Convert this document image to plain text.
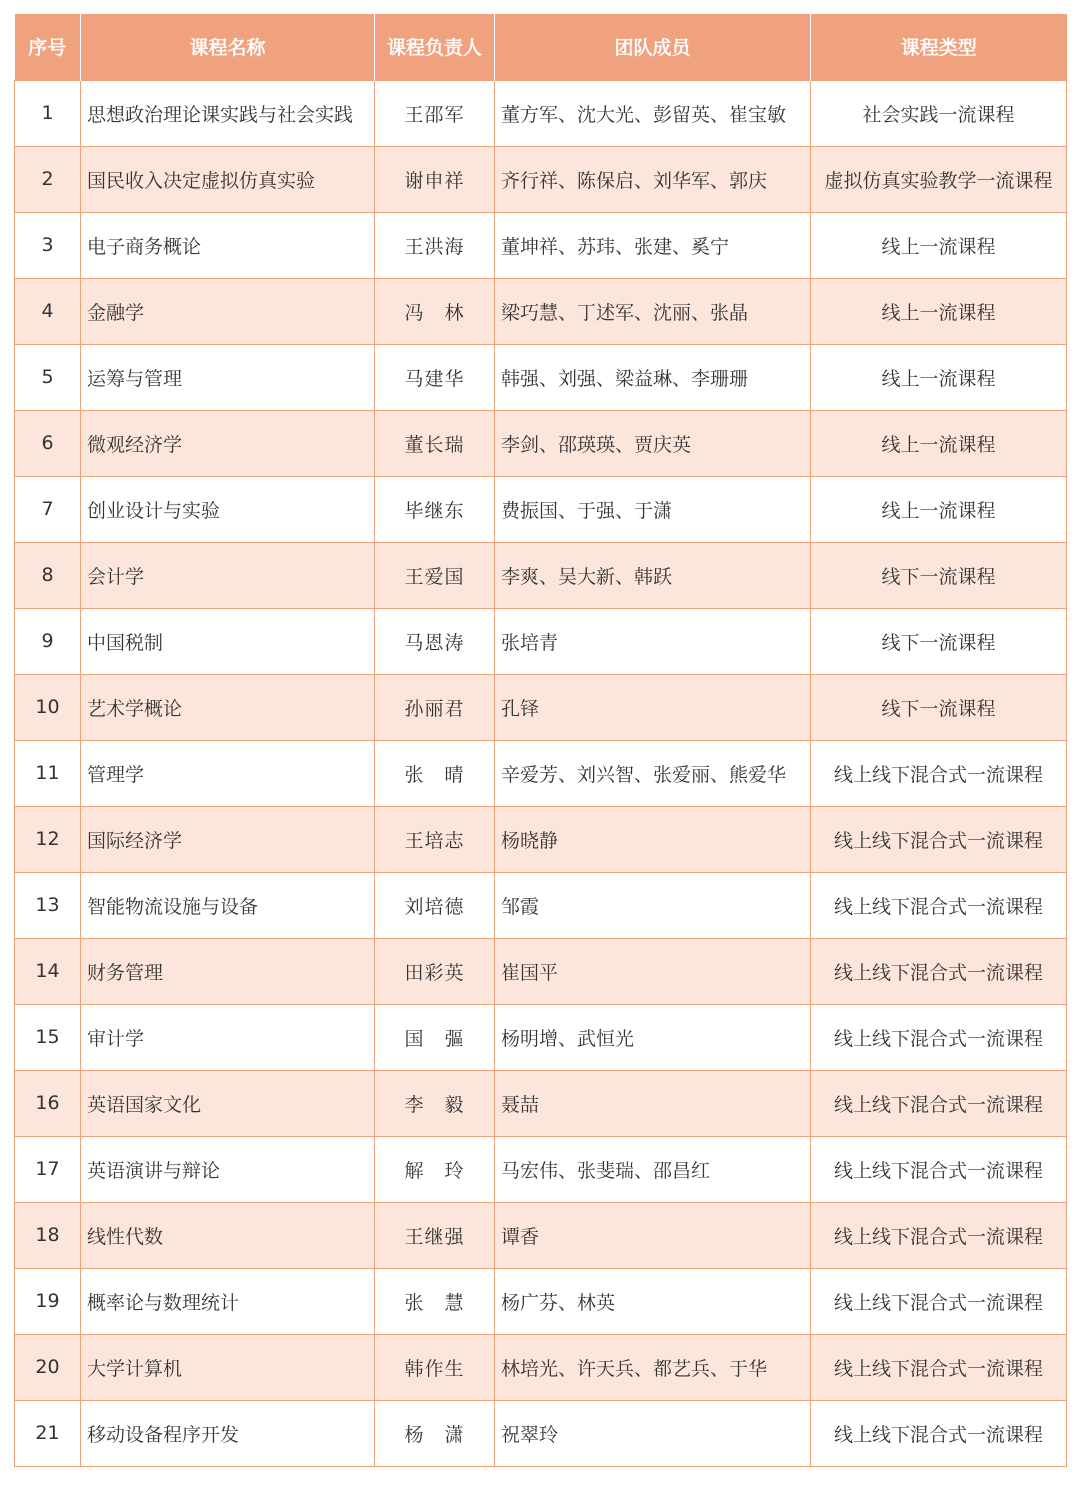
序号	课程名称	课程负责人	团队成员	课程类型
1	思想政治理论课实践与社会实践	王邵军	董方军、沈大光、彭留英、崔宝敏	社会实践一流课程
2	国民收入决定虚拟仿真实验	谢申祥	齐行祥、陈保启、刘华军、郭庆	虚拟仿真实验教学一流课程
3	电子商务概论	王洪海	董坤祥、苏玮、张建、奚宁	线上一流课程
4	金融学	冯　林	梁巧慧、丁述军、沈丽、张晶	线上一流课程
5	运筹与管理	马建华	韩强、刘强、梁益琳、李珊珊	线上一流课程
6	微观经济学	董长瑞	李剑、邵瑛瑛、贾庆英	线上一流课程
7	创业设计与实验	毕继东	费振国、于强、于潇	线上一流课程
8	会计学	王爱国	李爽、吴大新、韩跃	线下一流课程
9	中国税制	马恩涛	张培青	线下一流课程
10	艺术学概论	孙丽君	孔铎	线下一流课程
11	管理学	张　晴	辛爱芳、刘兴智、张爱丽、熊爱华	线上线下混合式一流课程
12	国际经济学	王培志	杨晓静	线上线下混合式一流课程
13	智能物流设施与设备	刘培德	邹霞	线上线下混合式一流课程
14	财务管理	田彩英	崔国平	线上线下混合式一流课程
15	审计学	国　彄	杨明增、武恒光	线上线下混合式一流课程
16	英语国家文化	李　毅	聂喆	线上线下混合式一流课程
17	英语演讲与辩论	解　玲	马宏伟、张斐瑞、邵昌红	线上线下混合式一流课程
18	线性代数	王继强	谭香	线上线下混合式一流课程
19	概率论与数理统计	张　慧	杨广芬、林英	线上线下混合式一流课程
20	大学计算机	韩作生	林培光、许天兵、都艺兵、于华	线上线下混合式一流课程
21	移动设备程序开发	杨　潇	祝翠玲	线上线下混合式一流课程
